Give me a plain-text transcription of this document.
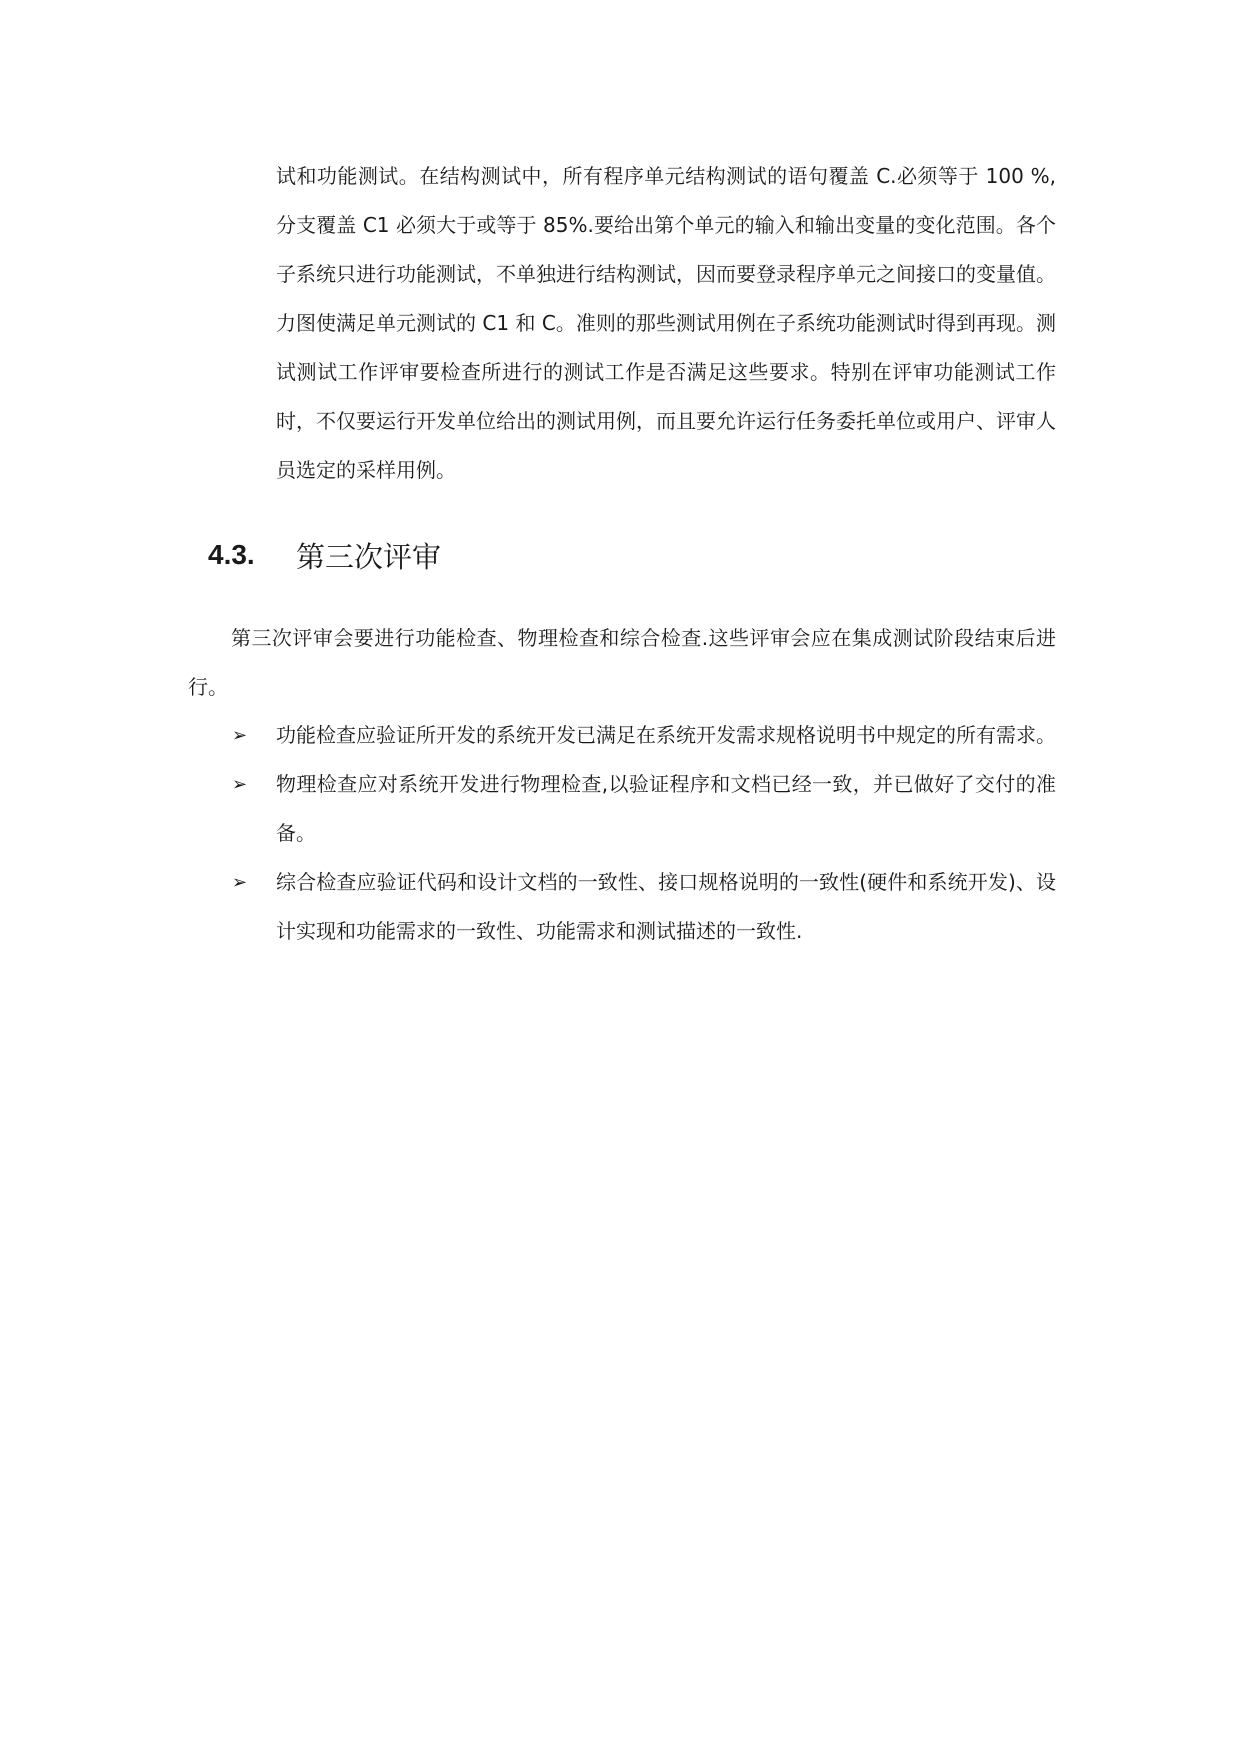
试和功能测试。在结构测试中，所有程序单元结构测试的语句覆盖 C.必须等于 100 %,分支覆盖 C1 必须大于或等于 85%.要给出第个单元的输入和输出变量的变化范围。各个子系统只进行功能测试，不单独进行结构测试，因而要登录程序单元之间接口的变量值。力图使满足单元测试的 C1 和 C。准则的那些测试用例在子系统功能测试时得到再现。测试测试工作评审要检查所进行的测试工作是否满足这些要求。特别在评审功能测试工作时，不仅要运行开发单位给出的测试用例，而且要允许运行任务委托单位或用户、评审人员选定的采样用例。

4.3.	第三次评审

第三次评审会要进行功能检查、物理检查和综合检查.这些评审会应在集成测试阶段结束后进行。

➢ 功能检查应验证所开发的系统开发已满足在系统开发需求规格说明书中规定的所有需求。
➢ 物理检查应对系统开发进行物理检查,以验证程序和文档已经一致，并已做好了交付的准备。
➢ 综合检查应验证代码和设计文档的一致性、接口规格说明的一致性(硬件和系统开发)、设计实现和功能需求的一致性、功能需求和测试描述的一致性.
